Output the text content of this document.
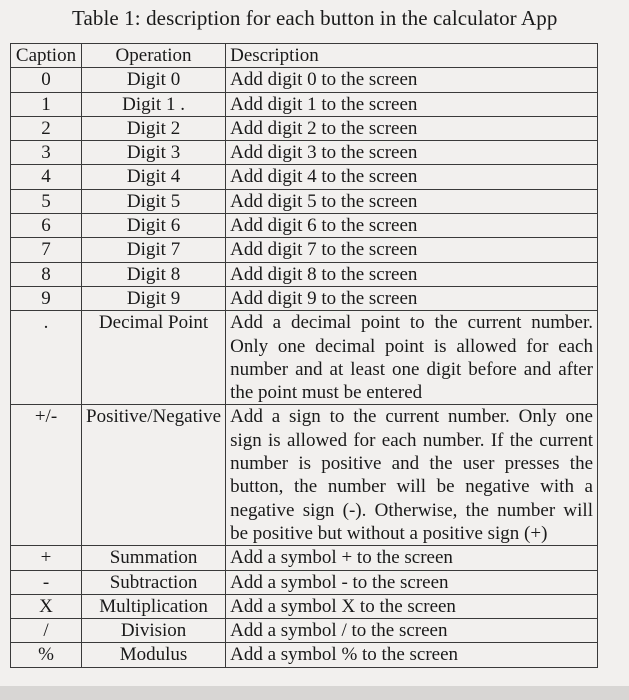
Table 1: description for each button in the calculator App
Caption	Operation	Description
0	Digit 0	Add digit 0 to the screen
1	Digit 1 .	Add digit 1 to the screen
2	Digit 2	Add digit 2 to the screen
3	Digit 3	Add digit 3 to the screen
4	Digit 4	Add digit 4 to the screen
5	Digit 5	Add digit 5 to the screen
6	Digit 6	Add digit 6 to the screen
7	Digit 7	Add digit 7 to the screen
8	Digit 8	Add digit 8 to the screen
9	Digit 9	Add digit 9 to the screen
.	Decimal Point	Add a decimal point to the current number. Only one decimal point is allowed for each number and at least one digit before and after the point must be entered
+/-	Positive/Negative	Add a sign to the current number. Only one sign is allowed for each number. If the current number is positive and the user presses the button, the number will be negative with a negative sign (-). Otherwise, the number will be positive but without a positive sign (+)
+	Summation	Add a symbol + to the screen
-	Subtraction	Add a symbol - to the screen
X	Multiplication	Add a symbol X to the screen
/	Division	Add a symbol / to the screen
%	Modulus	Add a symbol % to the screen
